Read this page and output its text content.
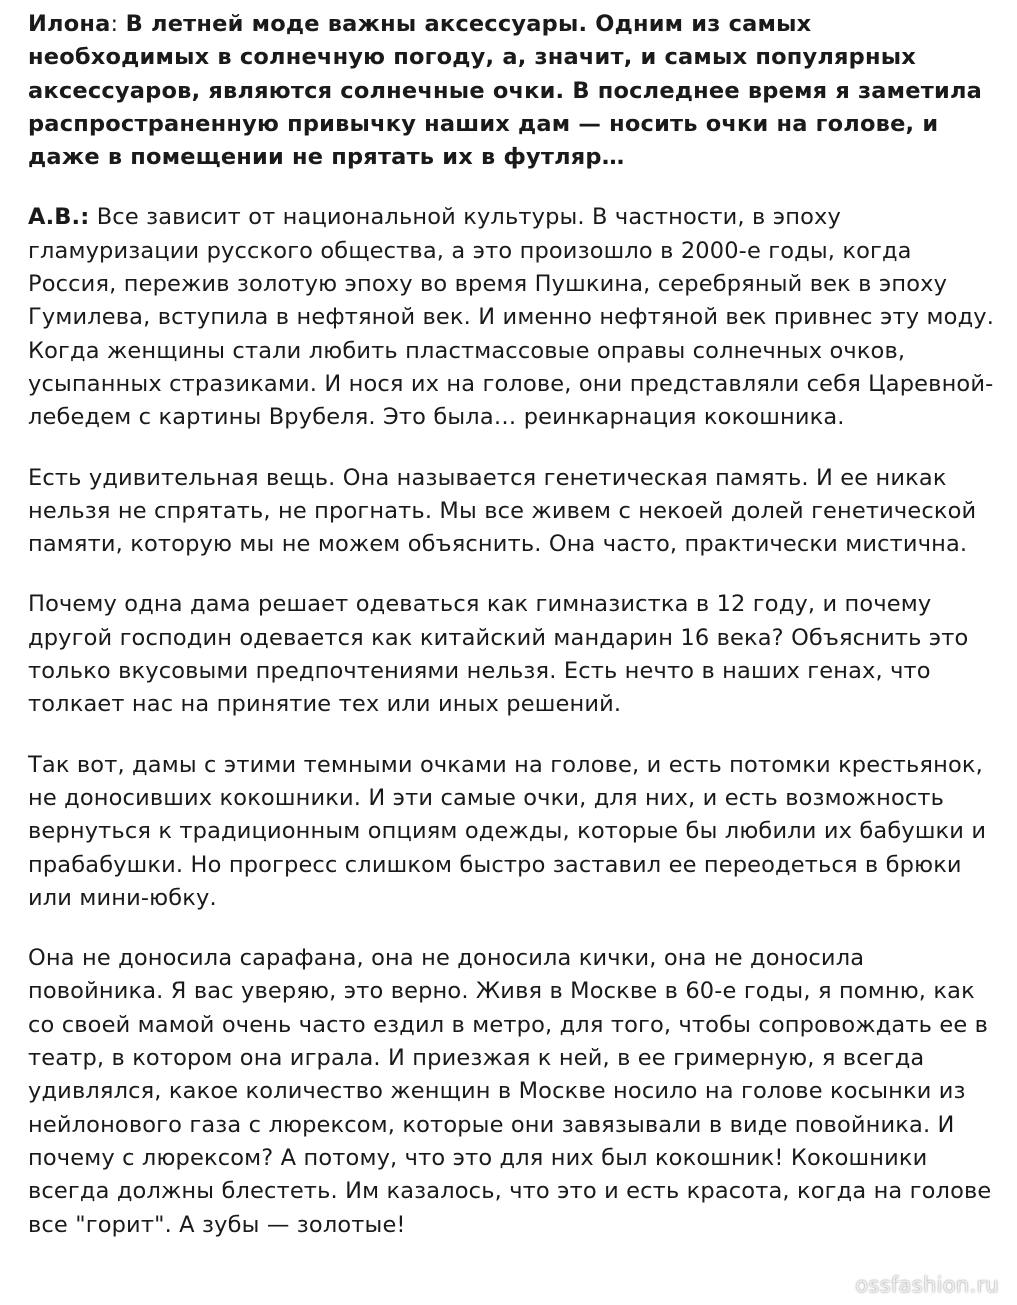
Илона: В летней моде важны аксессуары. Одним из самых необходимых в солнечную погоду, а, значит, и самых популярных аксессуаров, являются солнечные очки. В последнее время я заметила распространенную привычку наших дам — носить очки на голове, и даже в помещении не прятать их в футляр…

А.В.: Все зависит от национальной культуры. В частности, в эпоху гламуризации русского общества, а это произошло в 2000-е годы, когда Россия, пережив золотую эпоху во время Пушкина, серебряный век в эпоху Гумилева, вступила в нефтяной век. И именно нефтяной век привнес эту моду. Когда женщины стали любить пластмассовые оправы солнечных очков, усыпанных стразиками. И нося их на голове, они представляли себя Царевной-лебедем с картины Врубеля. Это была… реинкарнация кокошника.

Есть удивительная вещь. Она называется генетическая память. И ее никак нельзя не спрятать, не прогнать. Мы все живем с некоей долей генетической памяти, которую мы не можем объяснить. Она часто, практически мистична.

Почему одна дама решает одеваться как гимназистка в 12 году, и почему другой господин одевается как китайский мандарин 16 века? Объяснить это только вкусовыми предпочтениями нельзя. Есть нечто в наших генах, что толкает нас на принятие тех или иных решений.

Так вот, дамы с этими темными очками на голове, и есть потомки крестьянок, не доносивших кокошники. И эти самые очки, для них, и есть возможность вернуться к традиционным опциям одежды, которые бы любили их бабушки и прабабушки. Но прогресс слишком быстро заставил ее переодеться в брюки или мини-юбку.

Она не доносила сарафана, она не доносила кички, она не доносила повойника. Я вас уверяю, это верно. Живя в Москве в 60-е годы, я помню, как со своей мамой очень часто ездил в метро, для того, чтобы сопровождать ее в театр, в котором она играла. И приезжая к ней, в ее гримерную, я всегда удивлялся, какое количество женщин в Москве носило на голове косынки из нейлонового газа с люрексом, которые они завязывали в виде повойника. И почему с люрексом? А потому, что это для них был кокошник! Кокошники всегда должны блестеть. Им казалось, что это и есть красота, когда на голове все "горит". А зубы — золотые!

ossfashion.ru
